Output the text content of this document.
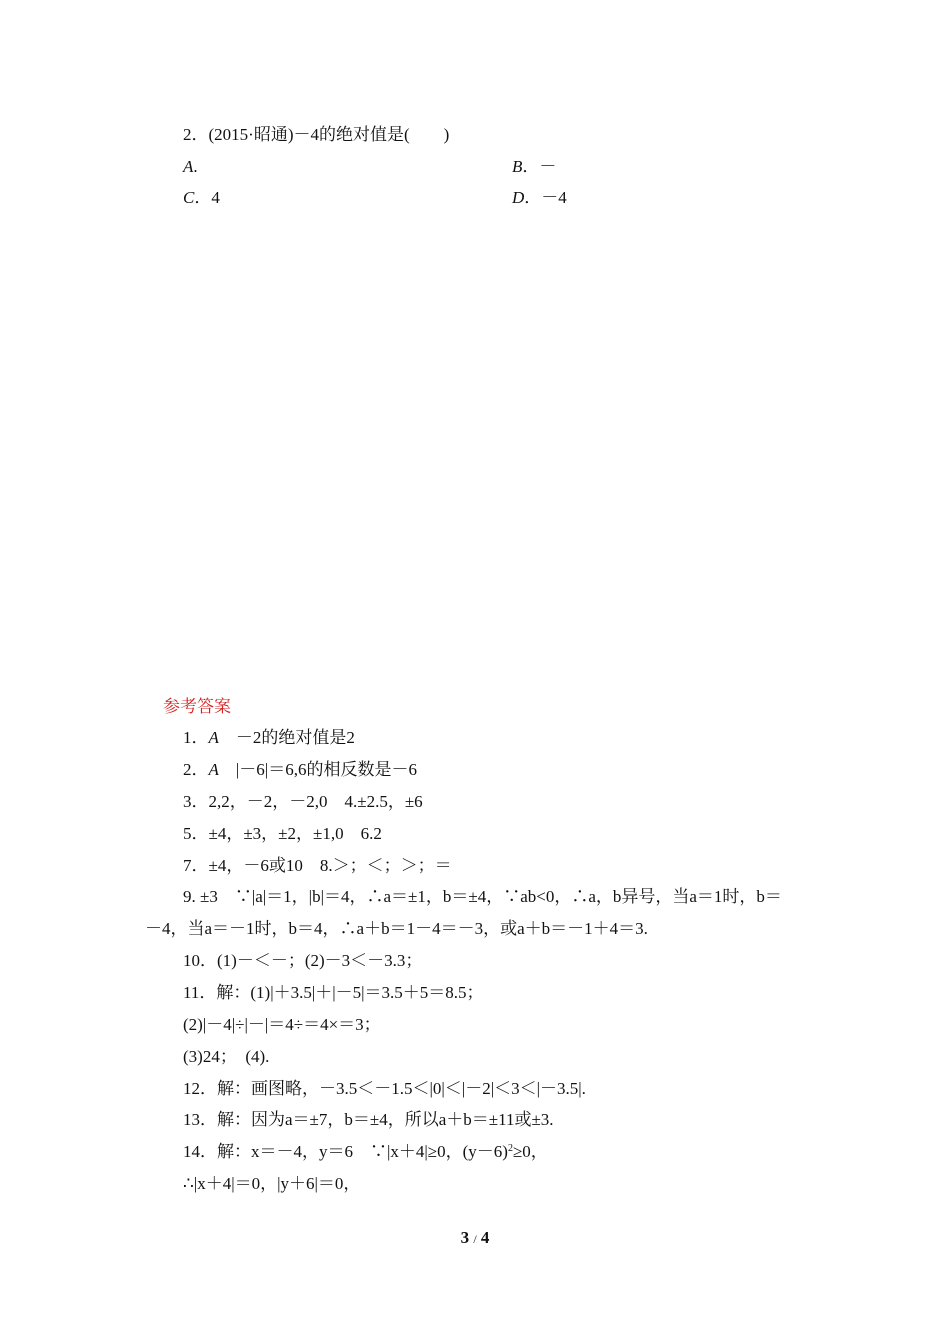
2．(2015·昭通)－4的绝对值是(　　)
A.	B．－
C．4	D．－4
参考答案
1．A　－2的绝对值是2
2．A　|－6|＝6,6的相反数是－6
3．2,2，－2，－2,0　4.±2.5，±6
5．±4，±3，±2，±1,0　6.2
7．±4，－6或10　8.＞；＜；＞；＝
9. ±3　∵|a|＝1，|b|＝4，∴a＝±1，b＝±4，∵ab<0，∴a，b异号，当a＝1时，b＝
－4，当a＝－1时，b＝4，∴a＋b＝1－4＝－3，或a＋b＝－1＋4＝3.
10．(1)－＜－；(2)－3＜－3.3；
11．解：(1)|＋3.5|＋|－5|＝3.5＋5＝8.5；
(2)|－4|÷|－|＝4÷＝4×＝3；
(3)24；　(4).
12．解：画图略，－3.5＜－1.5＜|0|＜|－2|＜3＜|－3.5|.
13．解：因为a＝±7，b＝±4，所以a＋b＝±11或±3.
14．解：x＝－4，y＝6　∵|x＋4|≥0，$(y-6)^2\ge 0$，
∴|x＋4|＝0，|y＋6|＝0，
3 / 4
